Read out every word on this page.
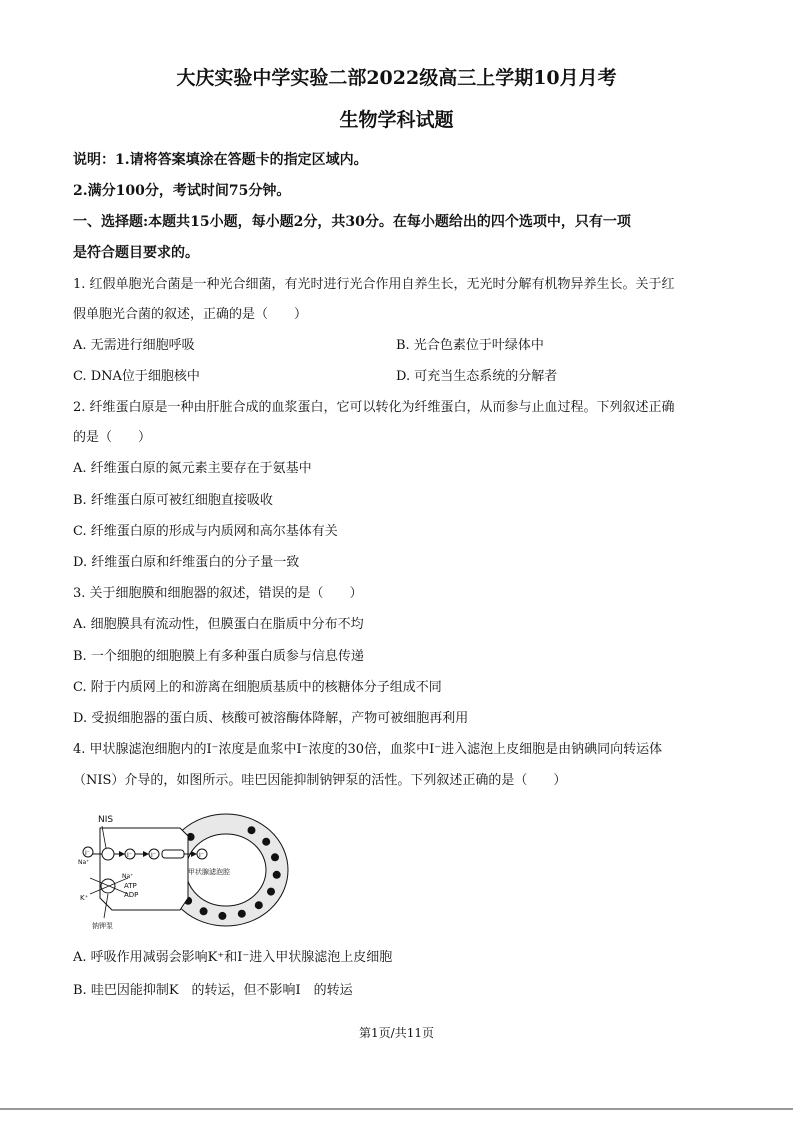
大庆实验中学实验二部2022级高三上学期10月月考
生物学科试题
说明：1.请将答案填涂在答题卡的指定区域内。
2.满分100分，考试时间75分钟。
一、选择题:本题共15小题，每小题2分，共30分。在每小题给出的四个选项中，只有一项
是符合题目要求的。
1. 红假单胞光合菌是一种光合细菌，有光时进行光合作用自养生长，无光时分解有机物异养生长。关于红
假单胞光合菌的叙述，正确的是（　　）
A. 无需进行细胞呼吸	B. 光合色素位于叶绿体中
C. DNA位于细胞核中	D. 可充当生态系统的分解者
2. 纤维蛋白原是一种由肝脏合成的血浆蛋白，它可以转化为纤维蛋白，从而参与止血过程。下列叙述正确
的是（　　）
A. 纤维蛋白原的氮元素主要存在于氨基中
B. 纤维蛋白原可被红细胞直接吸收
C. 纤维蛋白原的形成与内质网和高尔基体有关
D. 纤维蛋白原和纤维蛋白的分子量一致
3. 关于细胞膜和细胞器的叙述，错误的是（　　）
A. 细胞膜具有流动性，但膜蛋白在脂质中分布不均
B. 一个细胞的细胞膜上有多种蛋白质参与信息传递
C. 附于内质网上的和游离在细胞质基质中的核糖体分子组成不同
D. 受损细胞器的蛋白质、核酸可被溶酶体降解，产物可被细胞再利用
4. 甲状腺滤泡细胞内的I⁻浓度是血浆中I⁻浓度的30倍，血浆中I⁻进入滤泡上皮细胞是由钠碘同向转运体
（NIS）介导的，如图所示。哇巴因能抑制钠钾泵的活性。下列叙述正确的是（　　）
NIS
I⁻
Na⁺
I⁻	I⁻	I⁻
甲状腺滤泡腔
Na⁺
ATP
ADP
K⁺
钠钾泵
A. 呼吸作用减弱会影响K⁺和I⁻进入甲状腺滤泡上皮细胞
B. 哇巴因能抑制K　的转运，但不影响I　的转运
第1页/共11页
